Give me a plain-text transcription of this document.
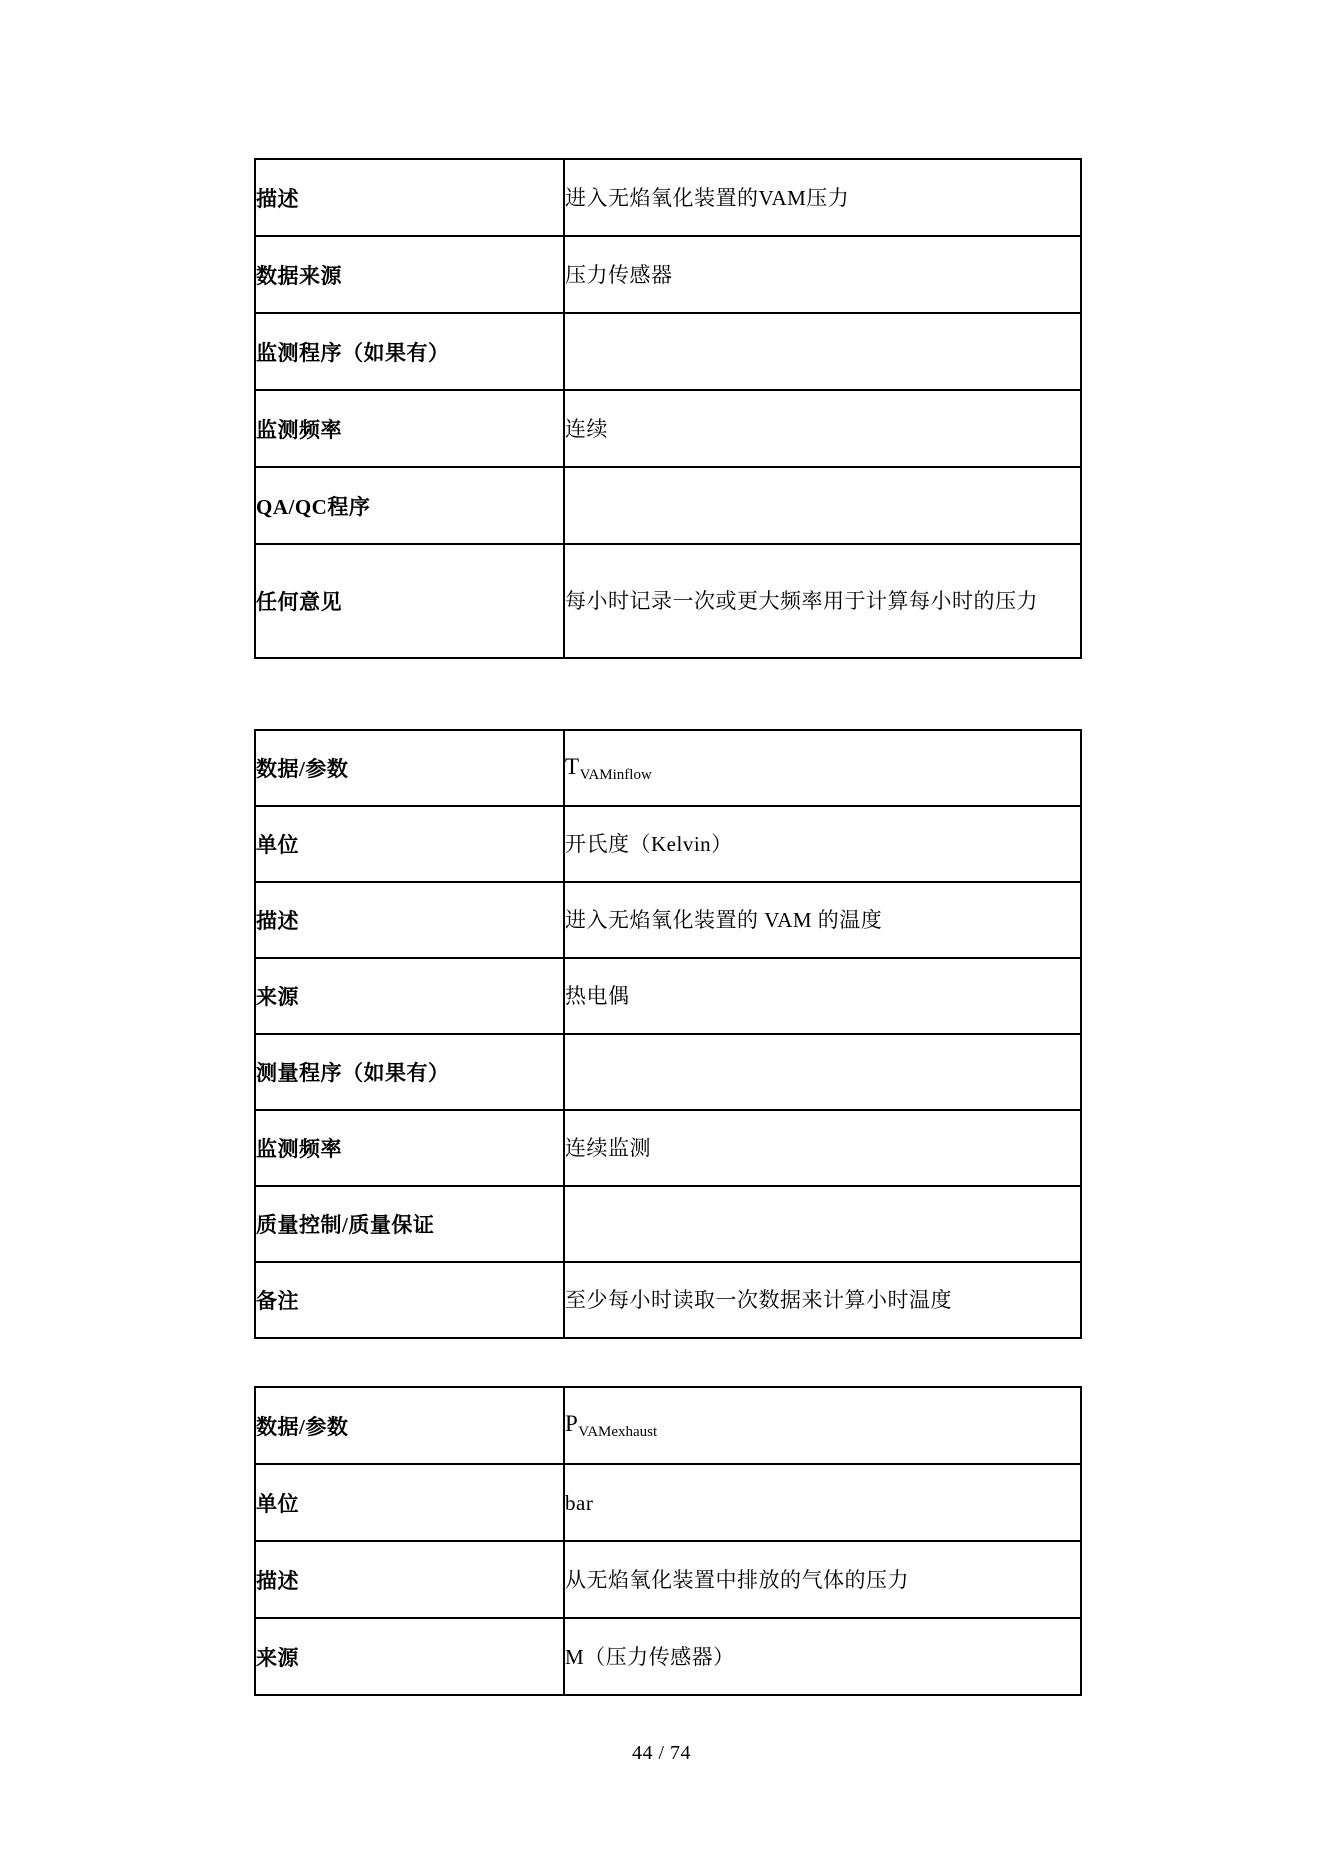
描述	进入无焰氧化装置的VAM压力
数据来源	压力传感器
监测程序（如果有）	
监测频率	连续
QA/QC程序	
任何意见	每小时记录一次或更大频率用于计算每小时的压力
数据/参数	$T_{VAMinflow}$
单位	开氏度（Kelvin）
描述	进入无焰氧化装置的 VAM 的温度
来源	热电偶
测量程序（如果有）	
监测频率	连续监测
质量控制/质量保证	
备注	至少每小时读取一次数据来计算小时温度
数据/参数	$P_{VAMexhaust}$
单位	bar
描述	从无焰氧化装置中排放的气体的压力
来源	M（压力传感器）
44 / 74
